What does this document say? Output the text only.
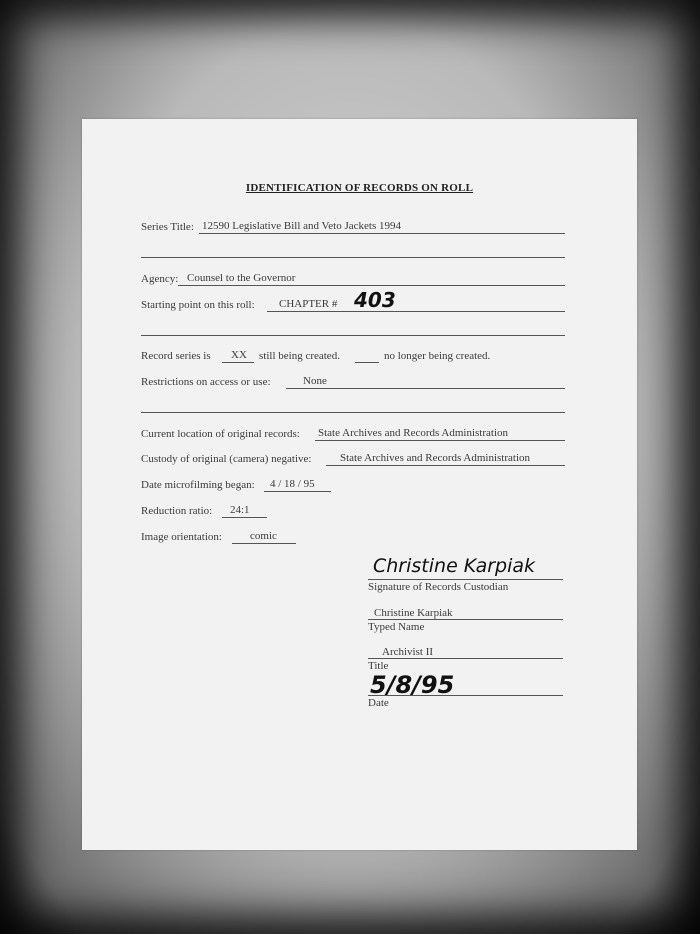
IDENTIFICATION OF RECORDS ON ROLL
Series Title: 12590 Legislative Bill and Veto Jackets 1994
Agency: Counsel to the Governor
Starting point on this roll: CHAPTER # 403
Record series is XX still being created.	no longer being created.
Restrictions on access or use:	None
Current location of original records: State Archives and Records Administration
Custody of original (camera) negative:	State Archives and Records Administration
Date microfilming began: 4 / 18 / 95
Reduction ratio: 24:1
Image orientation:	comic
Christine Karpiak
Signature of Records Custodian
Christine Karpiak
Typed Name
Archivist II
Title
5/8/95
Date
